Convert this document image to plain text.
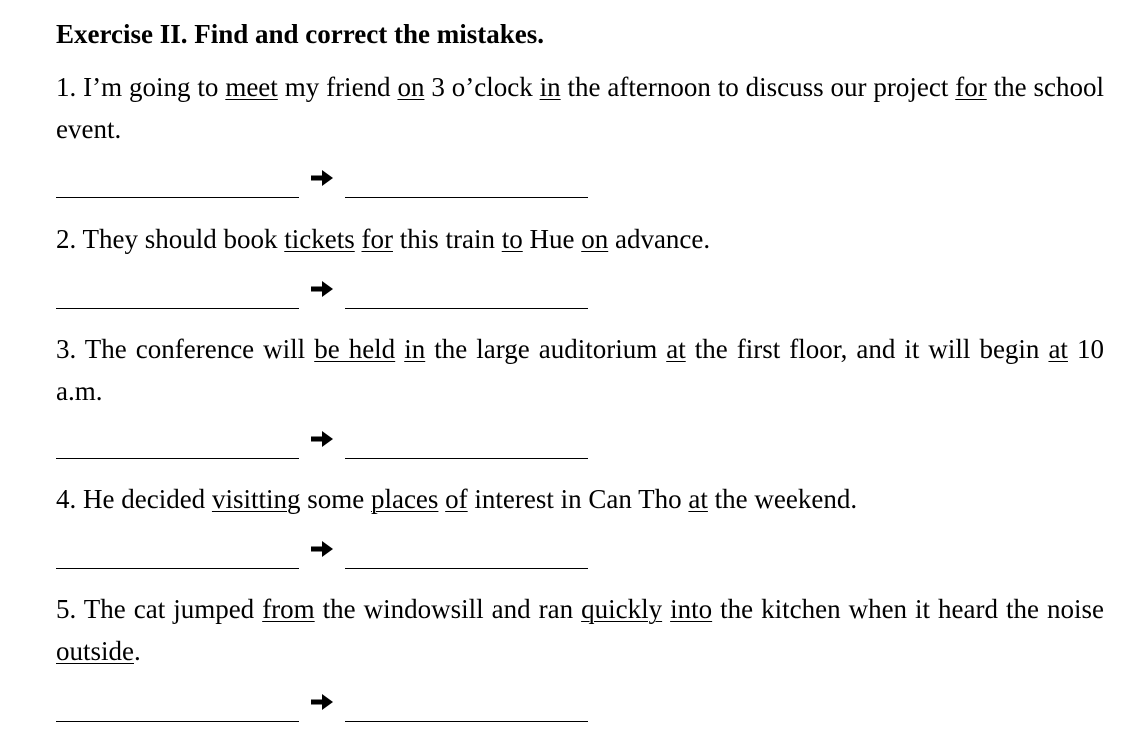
Exercise II. Find and correct the mistakes.
1. I’m going to meet my friend on 3 o’clock in the afternoon to discuss our project for the school event.
2. They should book tickets for this train to Hue on advance.
3. The conference will be held in the large auditorium at the first floor, and it will begin at 10 a.m.
4. He decided visitting some places of interest in Can Tho at the weekend.
5. The cat jumped from the windowsill and ran quickly into the kitchen when it heard the noise outside.
